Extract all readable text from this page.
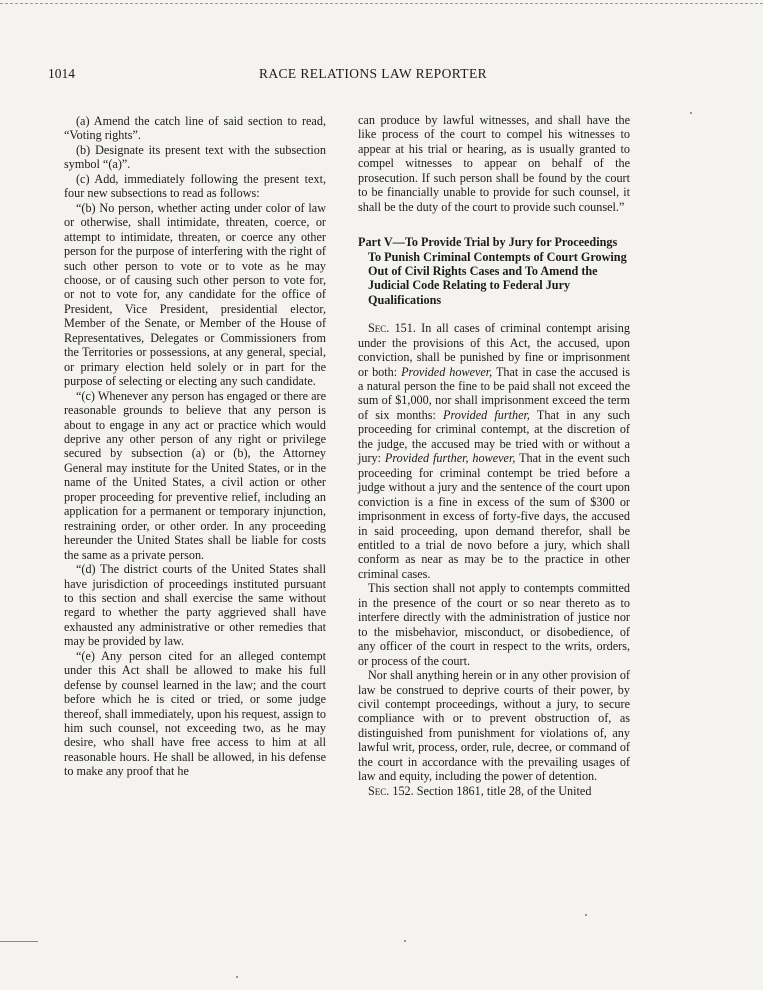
1014	RACE RELATIONS LAW REPORTER

(a) Amend the catch line of said section to read, “Voting rights”.

(b) Designate its present text with the subsection symbol “(a)”.

(c) Add, immediately following the present text, four new subsections to read as follows:

“(b) No person, whether acting under color of law or otherwise, shall intimidate, threaten, coerce, or attempt to intimidate, threaten, or coerce any other person for the purpose of interfering with the right of such other person to vote or to vote as he may choose, or of causing such other person to vote for, or not to vote for, any candidate for the office of President, Vice President, presidential elector, Member of the Senate, or Member of the House of Representatives, Delegates or Commissioners from the Territories or possessions, at any general, special, or primary election held solely or in part for the purpose of selecting or electing any such candidate.

“(c) Whenever any person has engaged or there are reasonable grounds to believe that any person is about to engage in any act or practice which would deprive any other person of any right or privilege secured by subsection (a) or (b), the Attorney General may institute for the United States, or in the name of the United States, a civil action or other proper proceeding for preventive relief, including an application for a permanent or temporary injunction, restraining order, or other order. In any proceeding hereunder the United States shall be liable for costs the same as a private person.

“(d) The district courts of the United States shall have jurisdiction of proceedings instituted pursuant to this section and shall exercise the same without regard to whether the party aggrieved shall have exhausted any administrative or other remedies that may be provided by law.

“(e) Any person cited for an alleged contempt under this Act shall be allowed to make his full defense by counsel learned in the law; and the court before which he is cited or tried, or some judge thereof, shall immediately, upon his request, assign to him such counsel, not exceeding two, as he may desire, who shall have free access to him at all reasonable hours. He shall be allowed, in his defense to make any proof that he

can produce by lawful witnesses, and shall have the like process of the court to compel his witnesses to appear at his trial or hearing, as is usually granted to compel witnesses to appear on behalf of the prosecution. If such person shall be found by the court to be financially unable to provide for such counsel, it shall be the duty of the court to provide such counsel.”

Part V—To Provide Trial by Jury for Proceedings To Punish Criminal Contempts of Court Growing Out of Civil Rights Cases and To Amend the Judicial Code Relating to Federal Jury Qualifications

Sec. 151. In all cases of criminal contempt arising under the provisions of this Act, the accused, upon conviction, shall be punished by fine or imprisonment or both: Provided however, That in case the accused is a natural person the fine to be paid shall not exceed the sum of $1,000, nor shall imprisonment exceed the term of six months: Provided further, That in any such proceeding for criminal contempt, at the discretion of the judge, the accused may be tried with or without a jury: Provided further, however, That in the event such proceeding for criminal contempt be tried before a judge without a jury and the sentence of the court upon conviction is a fine in excess of the sum of $300 or imprisonment in excess of forty-five days, the accused in said proceeding, upon demand therefor, shall be entitled to a trial de novo before a jury, which shall conform as near as may be to the practice in other criminal cases.

This section shall not apply to contempts committed in the presence of the court or so near thereto as to interfere directly with the administration of justice nor to the misbehavior, misconduct, or disobedience, of any officer of the court in respect to the writs, orders, or process of the court.

Nor shall anything herein or in any other provision of law be construed to deprive courts of their power, by civil contempt proceedings, without a jury, to secure compliance with or to prevent obstruction of, as distinguished from punishment for violations of, any lawful writ, process, order, rule, decree, or command of the court in accordance with the prevailing usages of law and equity, including the power of detention.

Sec. 152. Section 1861, title 28, of the United
